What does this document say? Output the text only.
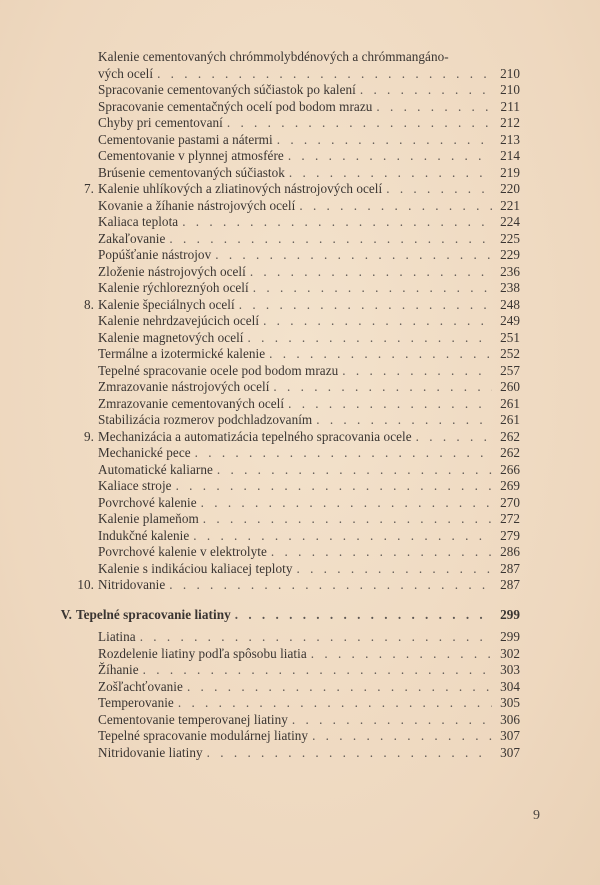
Kalenie cementovaných chrómmolybdénových a chrómmangáno-
vých ocelí . . .	210
Spracovanie cementovaných súčiastok po kalení . . .	210
Spracovanie cementačných ocelí pod bodom mrazu . . .	211
Chyby pri cementovaní . . .	212
Cementovanie pastami a nátermi . . .	213
Cementovanie v plynnej atmosfére . . .	214
Brúsenie cementovaných súčiastok . . .	219
7. Kalenie uhlíkových a zliatinových nástrojových ocelí . . .	220
Kovanie a žíhanie nástrojových ocelí . . .	221
Kaliaca teplota . . .	224
Zakaľovanie . . .	225
Popúšťanie nástrojov . . .	229
Zloženie nástrojových ocelí . . .	236
Kalenie rýchloreznýoh ocelí . . .	238
8. Kalenie špeciálnych ocelí . . .	248
Kalenie nehrdzavejúcich ocelí . . .	249
Kalenie magnetových ocelí . . .	251
Termálne a izotermické kalenie . . .	252
Tepelné spracovanie ocele pod bodom mrazu . . .	257
Zmrazovanie nástrojových ocelí . . .	260
Zmrazovanie cementovaných ocelí . . .	261
Stabilizácia rozmerov podchladzovaním . . .	261
9. Mechanizácia a automatizácia tepelného spracovania ocele . . .	262
Mechanické pece . . .	262
Automatické kaliarne . . .	266
Kaliace stroje . . .	269
Povrchové kalenie . . .	270
Kalenie plameňom . . .	272
Indukčné kalenie . . .	279
Povrchové kalenie v elektrolyte . . .	286
Kalenie s indikáciou kaliacej teploty . . .	287
10. Nitridovanie . . .	287
V. Tepelné spracovanie liatiny . . .	299
Liatina . . .	299
Rozdelenie liatiny podľa spôsobu liatia . . .	302
Žíhanie . . .	303
Zošľachťovanie . . .	304
Temperovanie . . .	305
Cementovanie temperovanej liatiny . . .	306
Tepelné spracovanie modulárnej liatiny . . .	307
Nitridovanie liatiny . . .	307
9
